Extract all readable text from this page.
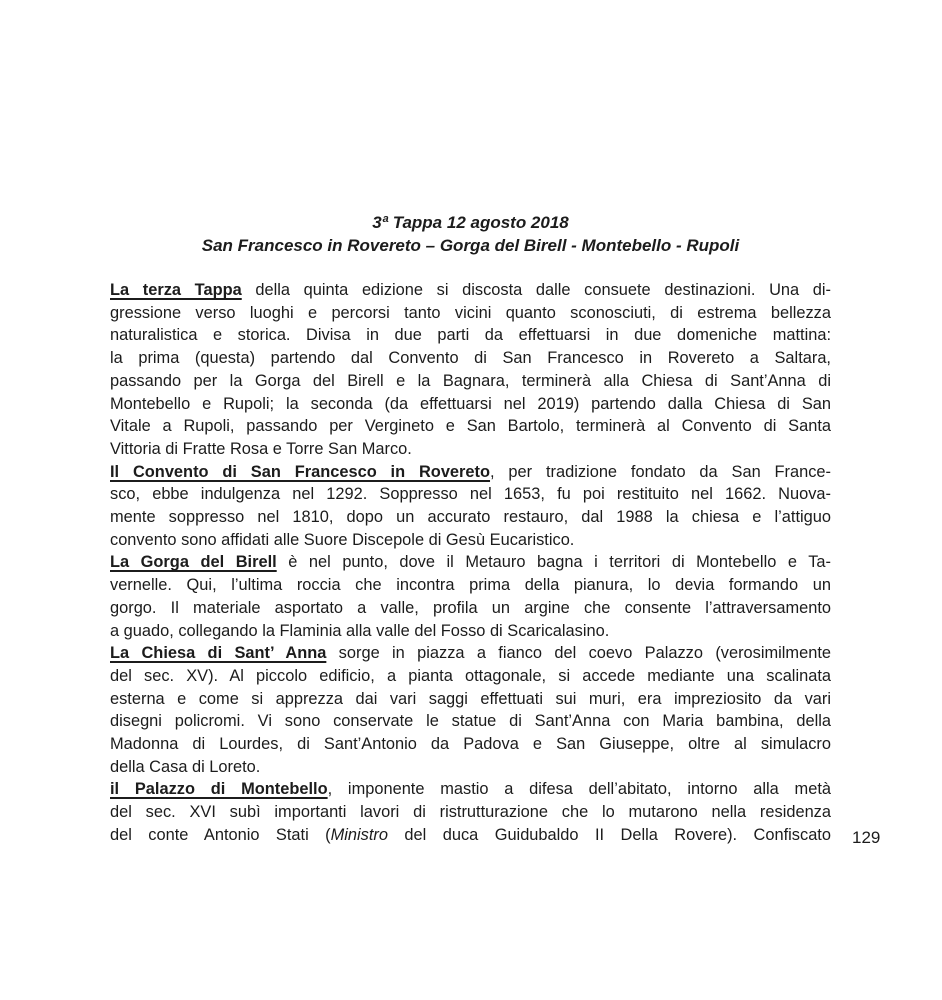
3ª Tappa 12 agosto 2018
San Francesco in Rovereto – Gorga del Birell - Montebello - Rupoli
La terza Tappa della quinta edizione si discosta dalle consuete destinazioni. Una di-
gressione verso luoghi e percorsi tanto vicini quanto sconosciuti, di estrema bellezza
naturalistica e storica. Divisa in due parti da effettuarsi in due domeniche mattina:
la prima (questa) partendo dal Convento di San Francesco in Rovereto a Saltara,
passando per la Gorga del Birell e la Bagnara, terminerà alla Chiesa di Sant’Anna di
Montebello e Rupoli; la seconda (da effettuarsi nel 2019) partendo dalla Chiesa di San
Vitale a Rupoli, passando per Vergineto e San Bartolo, terminerà al Convento di Santa
Vittoria di Fratte Rosa e Torre San Marco.
Il Convento di San Francesco in Rovereto, per tradizione fondato da San France-
sco, ebbe indulgenza nel 1292. Soppresso nel 1653, fu poi restituito nel 1662. Nuova-
mente soppresso nel 1810, dopo un accurato restauro, dal 1988 la chiesa e l’attiguo
convento sono affidati alle Suore Discepole di Gesù Eucaristico.
La Gorga del Birell è nel punto, dove il Metauro bagna i territori di Montebello e Ta-
vernelle. Qui, l’ultima roccia che incontra prima della pianura, lo devia formando un
gorgo. Il materiale asportato a valle, profila un argine che consente l’attraversamento
a guado, collegando la Flaminia alla valle del Fosso di Scaricalasino.
La Chiesa di Sant’ Anna sorge in piazza a fianco del coevo Palazzo (verosimilmente
del sec. XV). Al piccolo edificio, a pianta ottagonale, si accede mediante una scalinata
esterna e come si apprezza dai vari saggi effettuati sui muri, era impreziosito da vari
disegni policromi. Vi sono conservate le statue di Sant’Anna con Maria bambina, della
Madonna di Lourdes, di Sant’Antonio da Padova e San Giuseppe, oltre al simulacro
della Casa di Loreto.
il Palazzo di Montebello, imponente mastio a difesa dell’abitato, intorno alla metà
del sec. XVI subì importanti lavori di ristrutturazione che lo mutarono nella residenza
del conte Antonio Stati (Ministro del duca Guidubaldo II Della Rovere). Confiscato 129
